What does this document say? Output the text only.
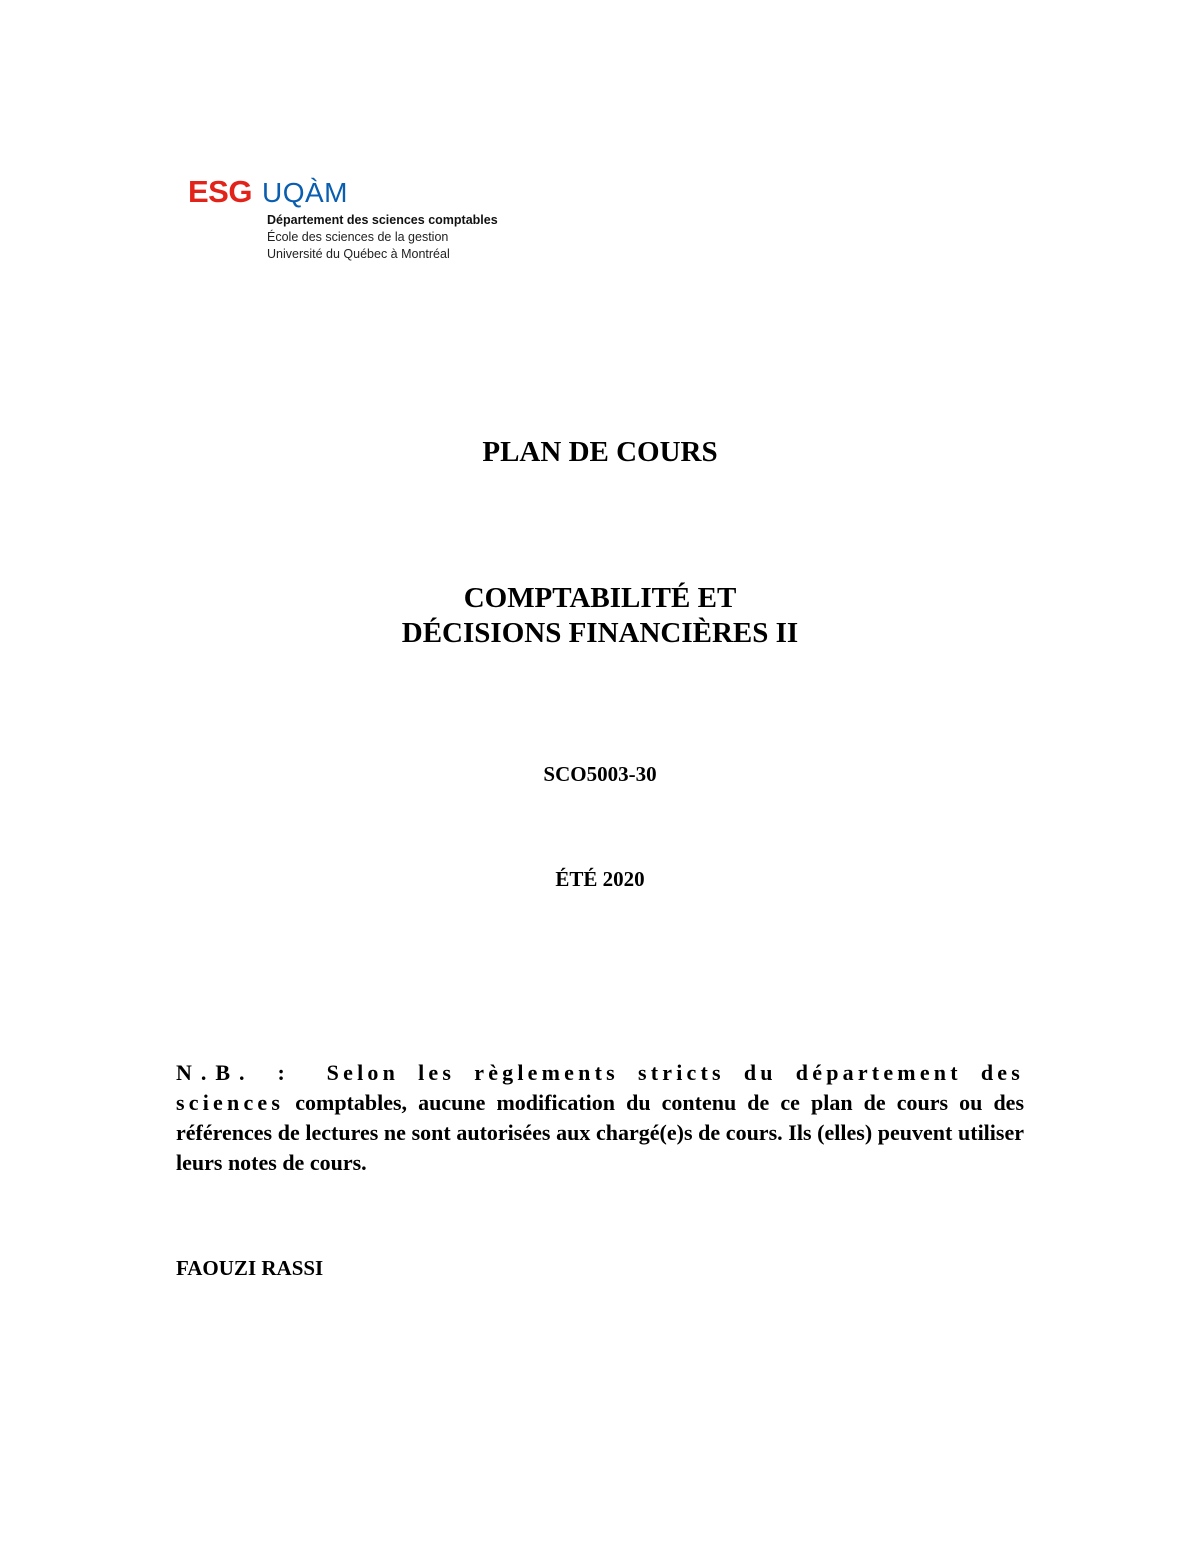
ESG UQÀM
Département des sciences comptables
École des sciences de la gestion
Université du Québec à Montréal
PLAN DE COURS
COMPTABILITÉ ET
DÉCISIONS FINANCIÈRES II
SCO5003-30
ÉTÉ 2020
N.B. : Selon les règlements stricts du département des sciences comptables, aucune modification du contenu de ce plan de cours ou des références de lectures ne sont autorisées aux chargé(e)s de cours. Ils (elles) peuvent utiliser leurs notes de cours.
FAOUZI RASSI
